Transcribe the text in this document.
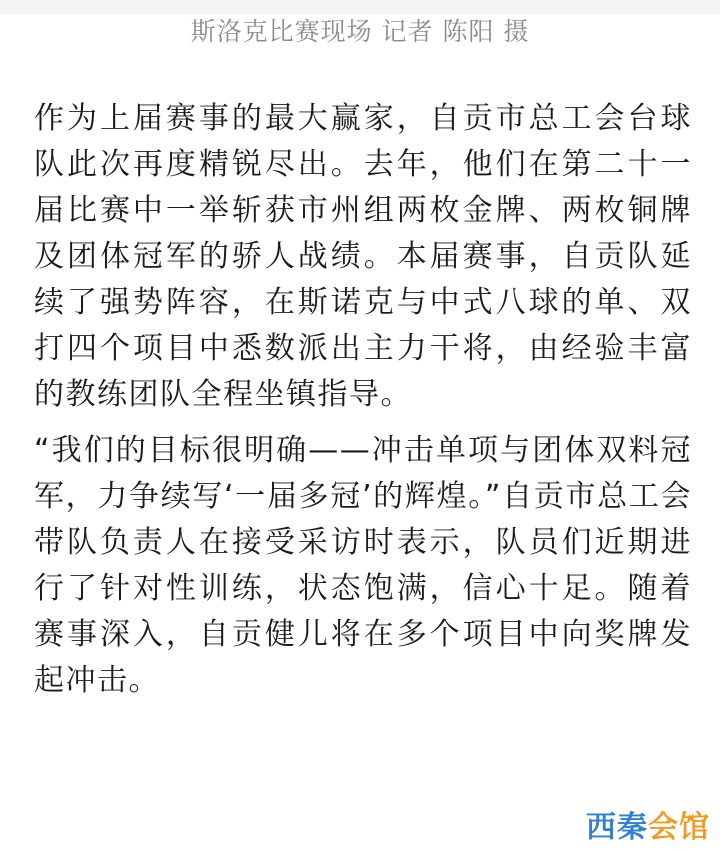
斯洛克比赛现场 记者 陈阳 摄

作为上届赛事的最大赢家，自贡市总工会台球队此次再度精锐尽出。去年，他们在第二十一届比赛中一举斩获市州组两枚金牌、两枚铜牌及团体冠军的骄人战绩。本届赛事，自贡队延续了强势阵容，在斯诺克与中式八球的单、双打四个项目中悉数派出主力干将，由经验丰富的教练团队全程坐镇指导。

“我们的目标很明确——冲击单项与团体双料冠军，力争续写‘一届多冠’的辉煌。”自贡市总工会带队负责人在接受采访时表示，队员们近期进行了针对性训练，状态饱满，信心十足。随着赛事深入，自贡健儿将在多个项目中向奖牌发起冲击。

西秦会馆
